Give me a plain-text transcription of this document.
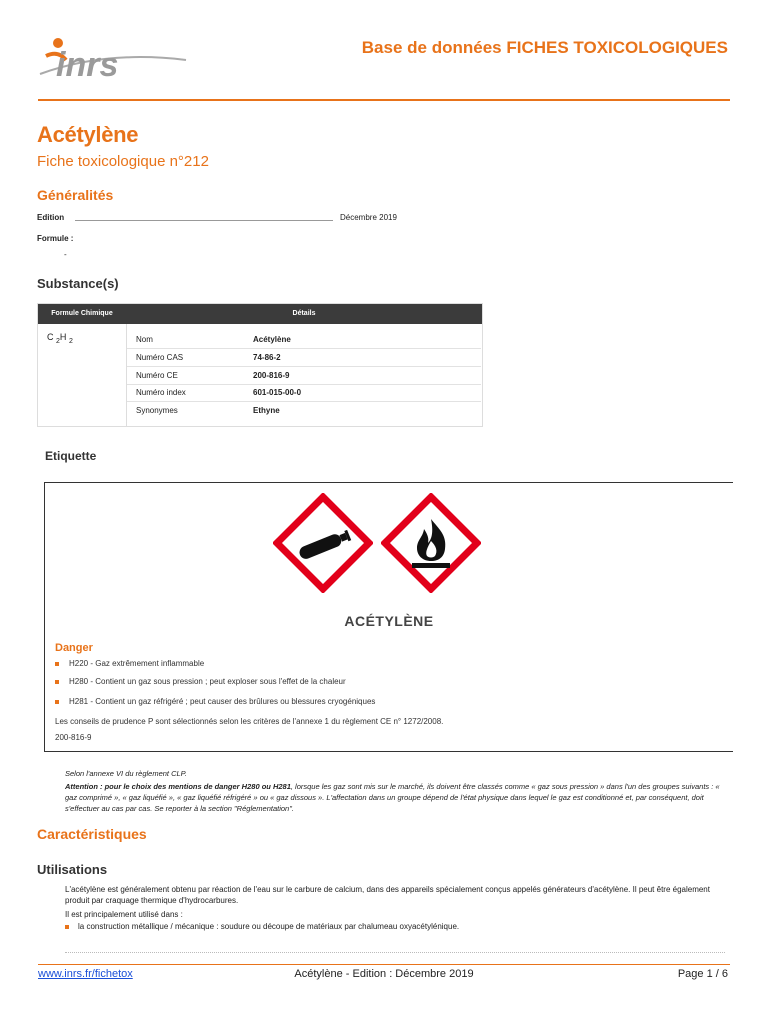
inrs	Base de données FICHES TOXICOLOGIQUES
Acétylène
Fiche toxicologique n°212
Généralités
Edition	Décembre 2019
Formule :
-
Substance(s)
Formule Chimique	Détails
C $_2$H $_2$	Nom	Acétylène
Numéro CAS	74-86-2
Numéro CE	200-816-9
Numéro index	601-015-00-0
Synonymes	Ethyne
Etiquette
ACÉTYLÈNE
Danger
H220 - Gaz extrêmement inflammable
H280 - Contient un gaz sous pression ; peut exploser sous l'effet de la chaleur
H281 - Contient un gaz réfrigéré ; peut causer des brûlures ou blessures cryogéniques
Les conseils de prudence P sont sélectionnés selon les critères de l'annexe 1 du règlement CE n° 1272/2008.
200-816-9
Selon l'annexe VI du règlement CLP.
Attention : pour le choix des mentions de danger H280 ou H281, lorsque les gaz sont mis sur le marché, ils doivent être classés comme « gaz sous pression » dans l'un des groupes suivants : « gaz comprimé », « gaz liquéfié », « gaz liquéfié réfrigéré » ou « gaz dissous ». L'affectation dans un groupe dépend de l'état physique dans lequel le gaz est conditionné et, par conséquent, doit s'effectuer au cas par cas. Se reporter à la section "Réglementation".
Caractéristiques
Utilisations
L'acétylène est généralement obtenu par réaction de l'eau sur le carbure de calcium, dans des appareils spécialement conçus appelés générateurs d'acétylène. Il peut être également produit par craquage thermique d'hydrocarbures.
Il est principalement utilisé dans :
la construction métallique / mécanique : soudure ou découpe de matériaux par chalumeau oxyacétylénique.
www.inrs.fr/fichetox	Acétylène - Edition : Décembre 2019	Page 1 / 6
